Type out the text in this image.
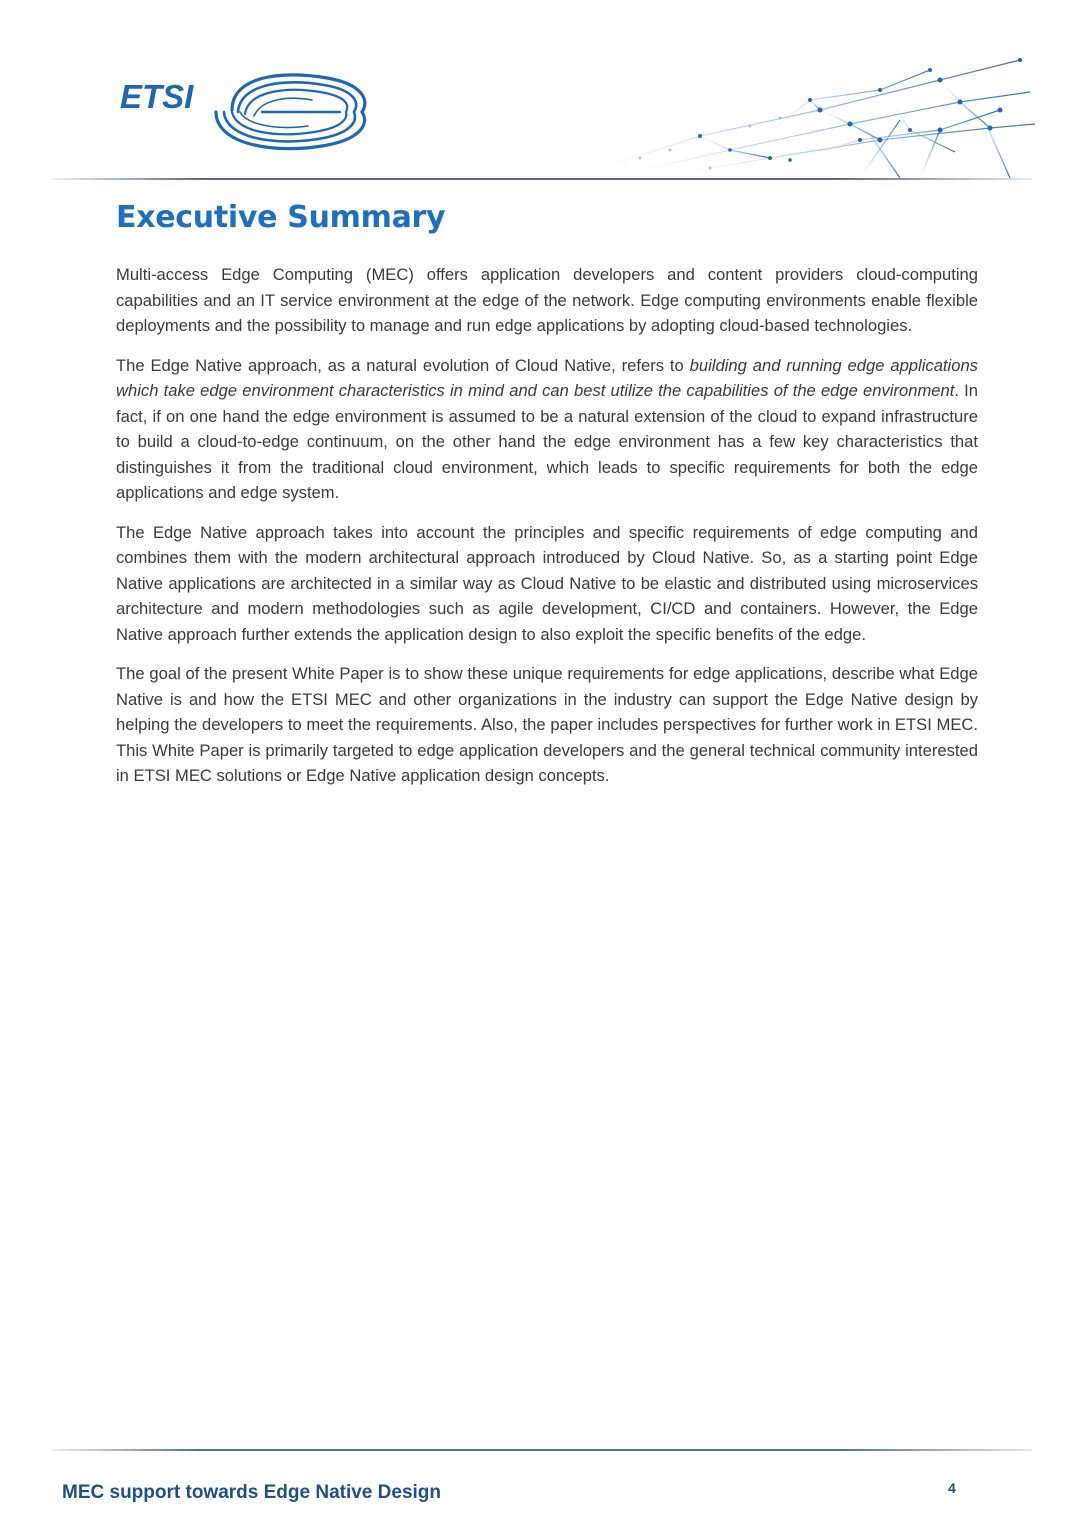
ETSI
Executive Summary

Multi-access Edge Computing (MEC) offers application developers and content providers cloud-computing capabilities and an IT service environment at the edge of the network. Edge computing environments enable flexible deployments and the possibility to manage and run edge applications by adopting cloud-based technologies.

The Edge Native approach, as a natural evolution of Cloud Native, refers to building and running edge applications which take edge environment characteristics in mind and can best utilize the capabilities of the edge environment. In fact, if on one hand the edge environment is assumed to be a natural extension of the cloud to expand infrastructure to build a cloud-to-edge continuum, on the other hand the edge environment has a few key characteristics that distinguishes it from the traditional cloud environment, which leads to specific requirements for both the edge applications and edge system.

The Edge Native approach takes into account the principles and specific requirements of edge computing and combines them with the modern architectural approach introduced by Cloud Native. So, as a starting point Edge Native applications are architected in a similar way as Cloud Native to be elastic and distributed using microservices architecture and modern methodologies such as agile development, CI/CD and containers. However, the Edge Native approach further extends the application design to also exploit the specific benefits of the edge.

The goal of the present White Paper is to show these unique requirements for edge applications, describe what Edge Native is and how the ETSI MEC and other organizations in the industry can support the Edge Native design by helping the developers to meet the requirements. Also, the paper includes perspectives for further work in ETSI MEC. This White Paper is primarily targeted to edge application developers and the general technical community interested in ETSI MEC solutions or Edge Native application design concepts.

MEC support towards Edge Native Design	4
